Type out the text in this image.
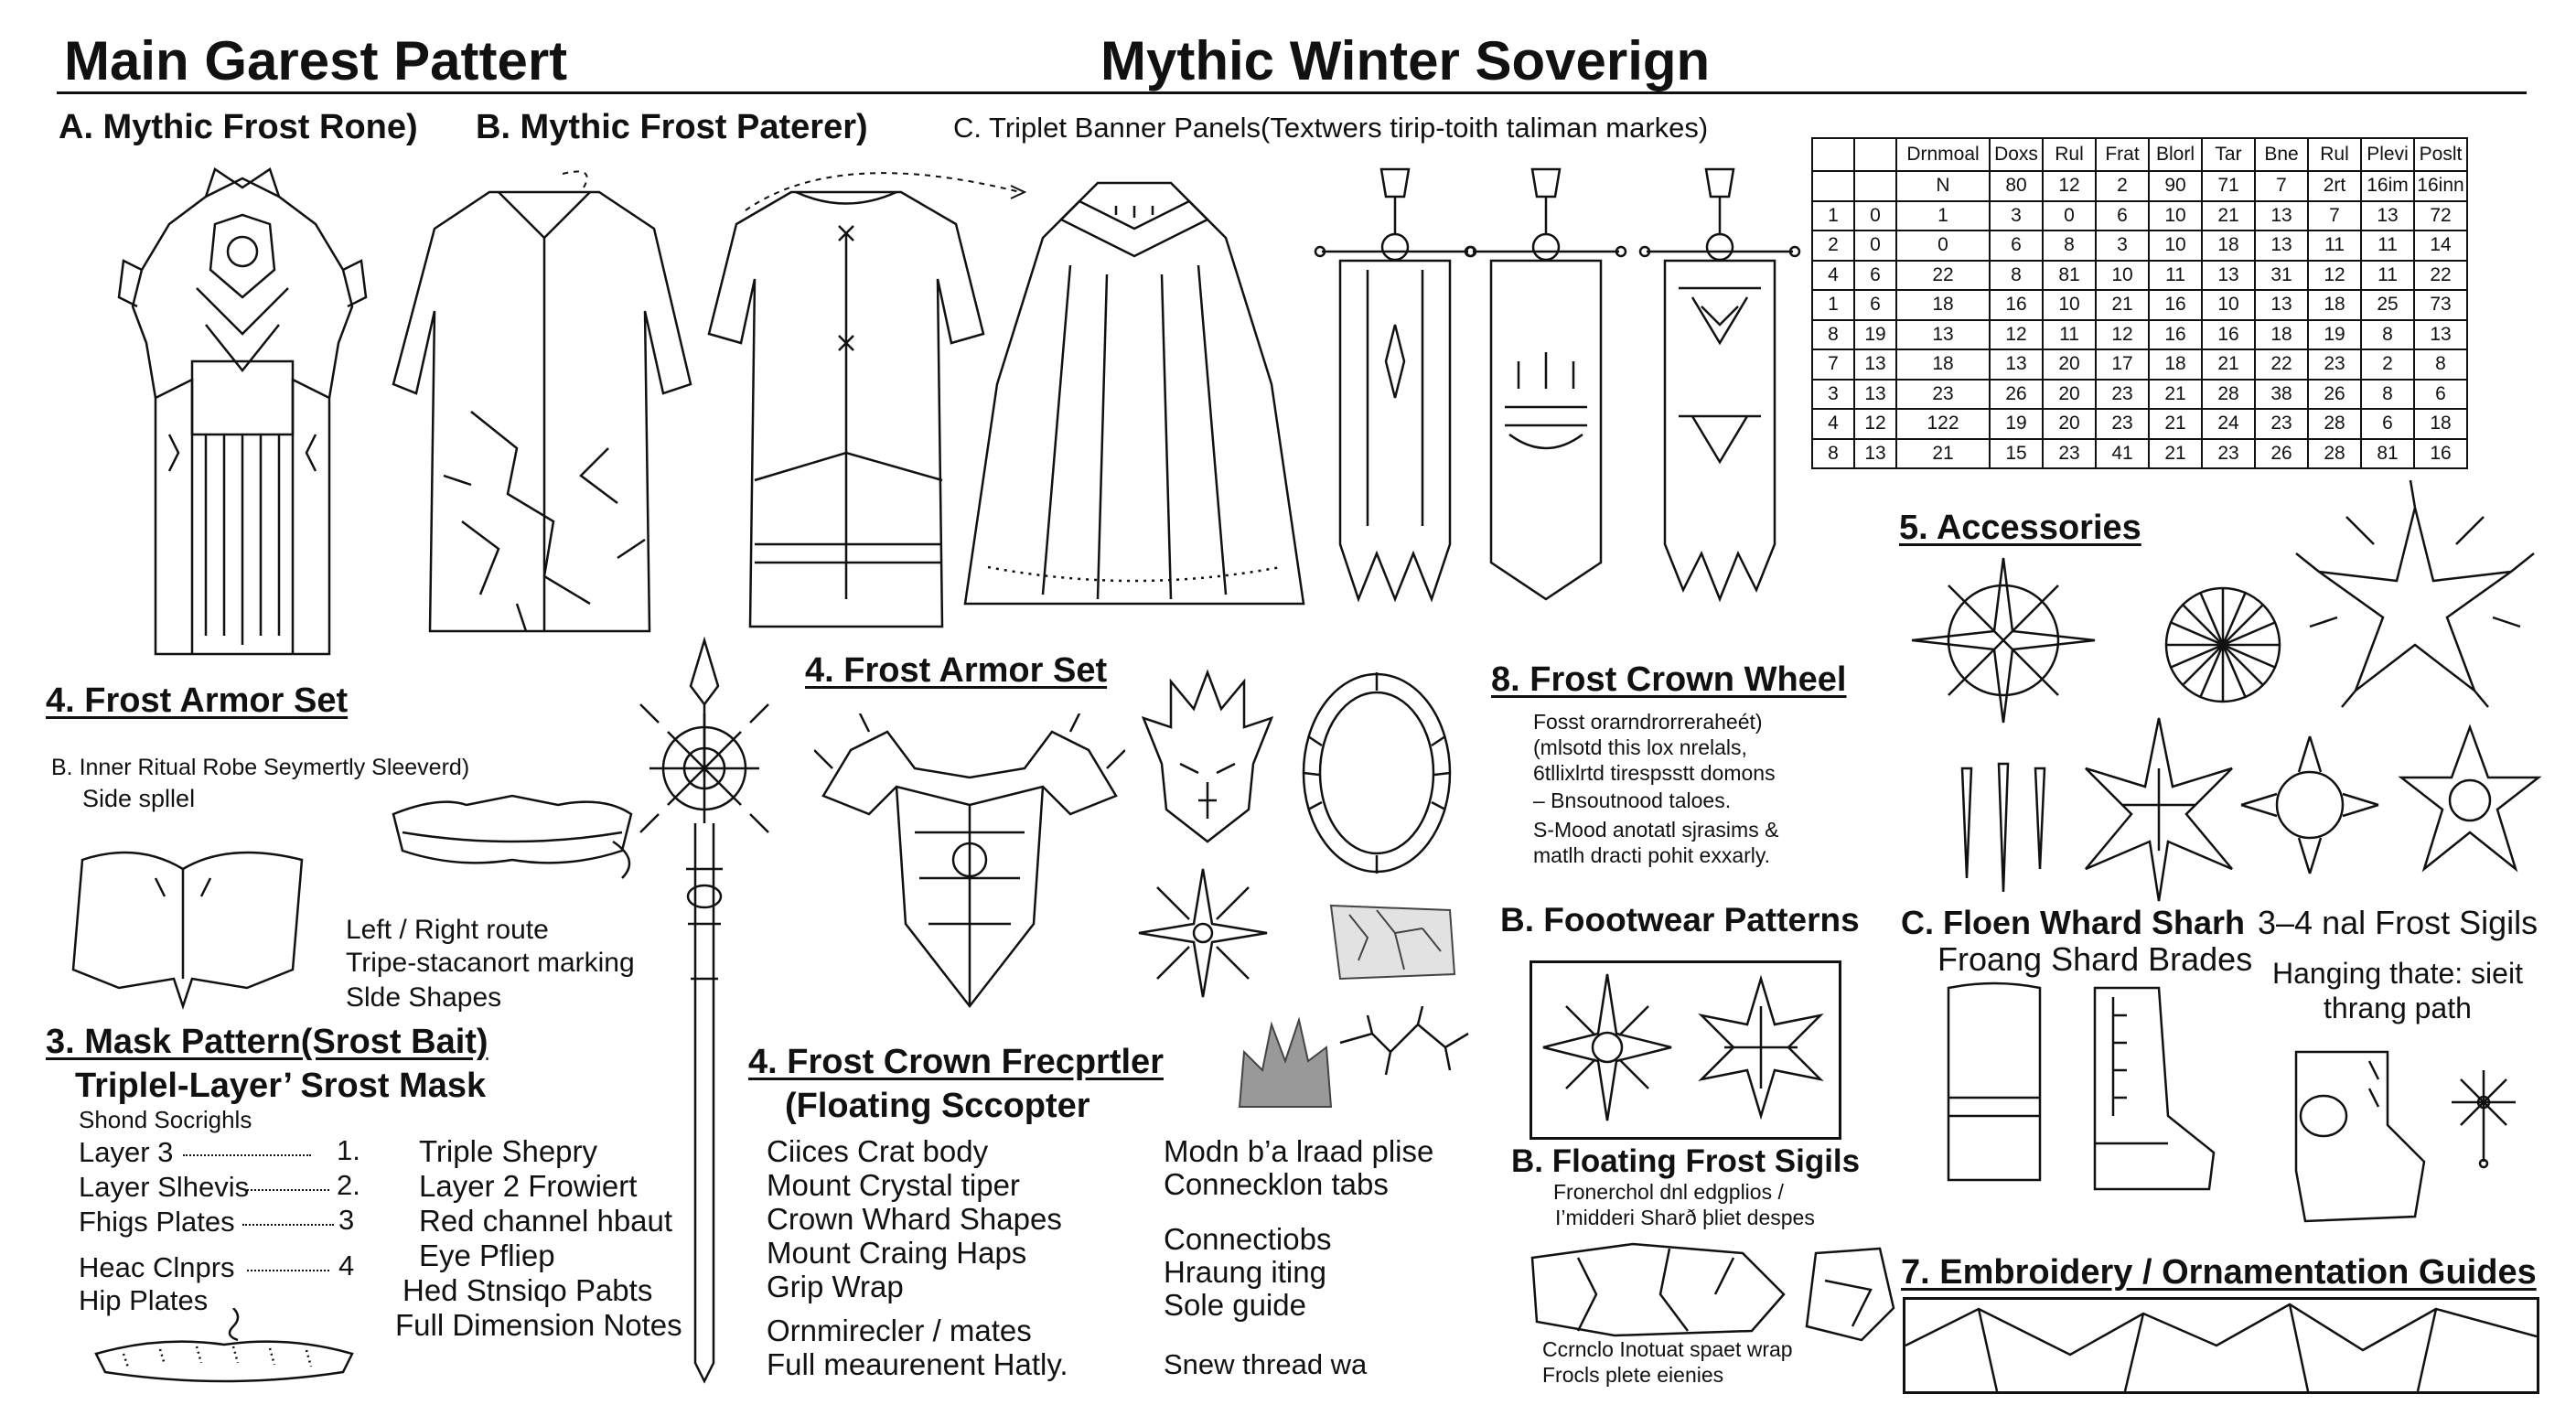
Main Garest Pattert	Mythic Winter Soverign
A. Mythic Frost Rone) B. Mythic Frost Paterer)	C. Triplet Banner Panels(Textwers tirip-toith taliman markes)
		Drnmoal	Doxs	Rul	Frat	Blorl	Tar	Bne	Rul	Plevi	Poslt
		N	80	12	2	90	71	7	2rt	16im	16inn
1	0	1	3	0	6	10	21	13	7	13	72
2	0	0	6	8	3	10	18	13	11	11	14
4	6	22	8	81	10	11	13	31	12	11	22
1	6	18	16	10	21	16	10	13	18	25	73
8	19	13	12	11	12	16	16	18	19	8	13
7	13	18	13	20	17	18	21	22	23	2	8
3	13	23	26	20	23	21	28	38	26	8	6
4	12	122	19	20	23	21	24	23	28	6	18
8	13	21	15	23	41	21	23	26	28	81	16
4. Frost Armor Set
B. Inner Ritual Robe Seymertly Sleeverd)
Side spllel
Left / Right route
Tripe-stacanort marking
Slde Shapes
3. Mask Pattern(Srost Bait)
Triplel-Layer’ Srost Mask
Shond Socrighls
Layer 3	1.
Layer Slhevis	2.
Fhigs Plates	3
Heac Clnprs	4
Hip Plates
Triple Shepry
Layer 2 Frowiert
Red channel hbaut
Eye Pfliep
Hed Stnsiqo Pabts
Full Dimension Notes
4. Frost Armor Set	8. Frost Crown Wheel
Fosst orarndrorreraheét)
(mlsotd this lox nrelals,
6tllixlrtd tirespsstt domons
– Bnsoutnood taloes.
S-Mood anotatl sjrasims &
matlh dracti pohit exxarly.
5. Accessories
B. Foootwear Patterns
B. Floating Frost Sigils
Fronerchol dnl edgplios /
I’midderi Sharð þliet despes
Ccrnclo Inotuat spaet wrap
Frocls plete eienies
4. Frost Crown Frecprtler
(Floating Sccopter
Ciices Crat body
Mount Crystal tiper
Crown Whard Shapes
Mount Craing Haps
Grip Wrap
Ornmirecler / mates
Full meaurenent Hatly.
Modn b’a lraad plise
Connecklon tabs
Connectiobs
Hraung iting
Sole guide
Snew thread wa
C. Floen Whard Sharh
Froang Shard Brades
3–4 nal Frost Sigils
Hanging thate: sieit
thrang path
7. Embroidery / Ornamentation Guides
